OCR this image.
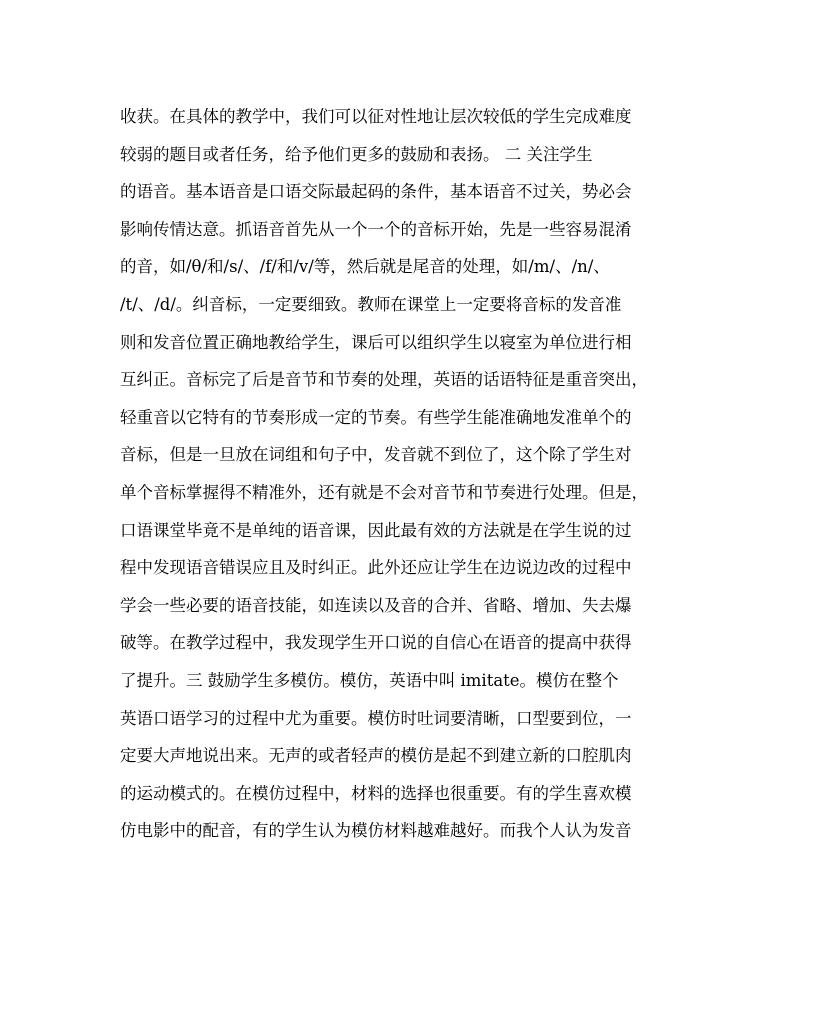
收获。在具体的教学中，我们可以征对性地让层次较低的学生完成难度
较弱的题目或者任务，给予他们更多的鼓励和表扬。 二 关注学生
的语音。基本语音是口语交际最起码的条件，基本语音不过关，势必会
影响传情达意。抓语音首先从一个一个的音标开始，先是一些容易混淆
的音，如/θ/和/s/、/f/和/v/等，然后就是尾音的处理，如/m/、/n/、
/t/、/d/。纠音标，一定要细致。教师在课堂上一定要将音标的发音准
则和发音位置正确地教给学生，课后可以组织学生以寝室为单位进行相
互纠正。音标完了后是音节和节奏的处理，英语的话语特征是重音突出，
轻重音以它特有的节奏形成一定的节奏。有些学生能准确地发准单个的
音标，但是一旦放在词组和句子中，发音就不到位了，这个除了学生对
单个音标掌握得不精准外，还有就是不会对音节和节奏进行处理。但是，
口语课堂毕竟不是单纯的语音课，因此最有效的方法就是在学生说的过
程中发现语音错误应且及时纠正。此外还应让学生在边说边改的过程中
学会一些必要的语音技能，如连读以及音的合并、省略、增加、失去爆
破等。在教学过程中，我发现学生开口说的自信心在语音的提高中获得
了提升。三 鼓励学生多模仿。模仿，英语中叫 imitate。模仿在整个
英语口语学习的过程中尤为重要。模仿时吐词要清晰，口型要到位，一
定要大声地说出来。无声的或者轻声的模仿是起不到建立新的口腔肌肉
的运动模式的。在模仿过程中，材料的选择也很重要。有的学生喜欢模
仿电影中的配音，有的学生认为模仿材料越难越好。而我个人认为发音
